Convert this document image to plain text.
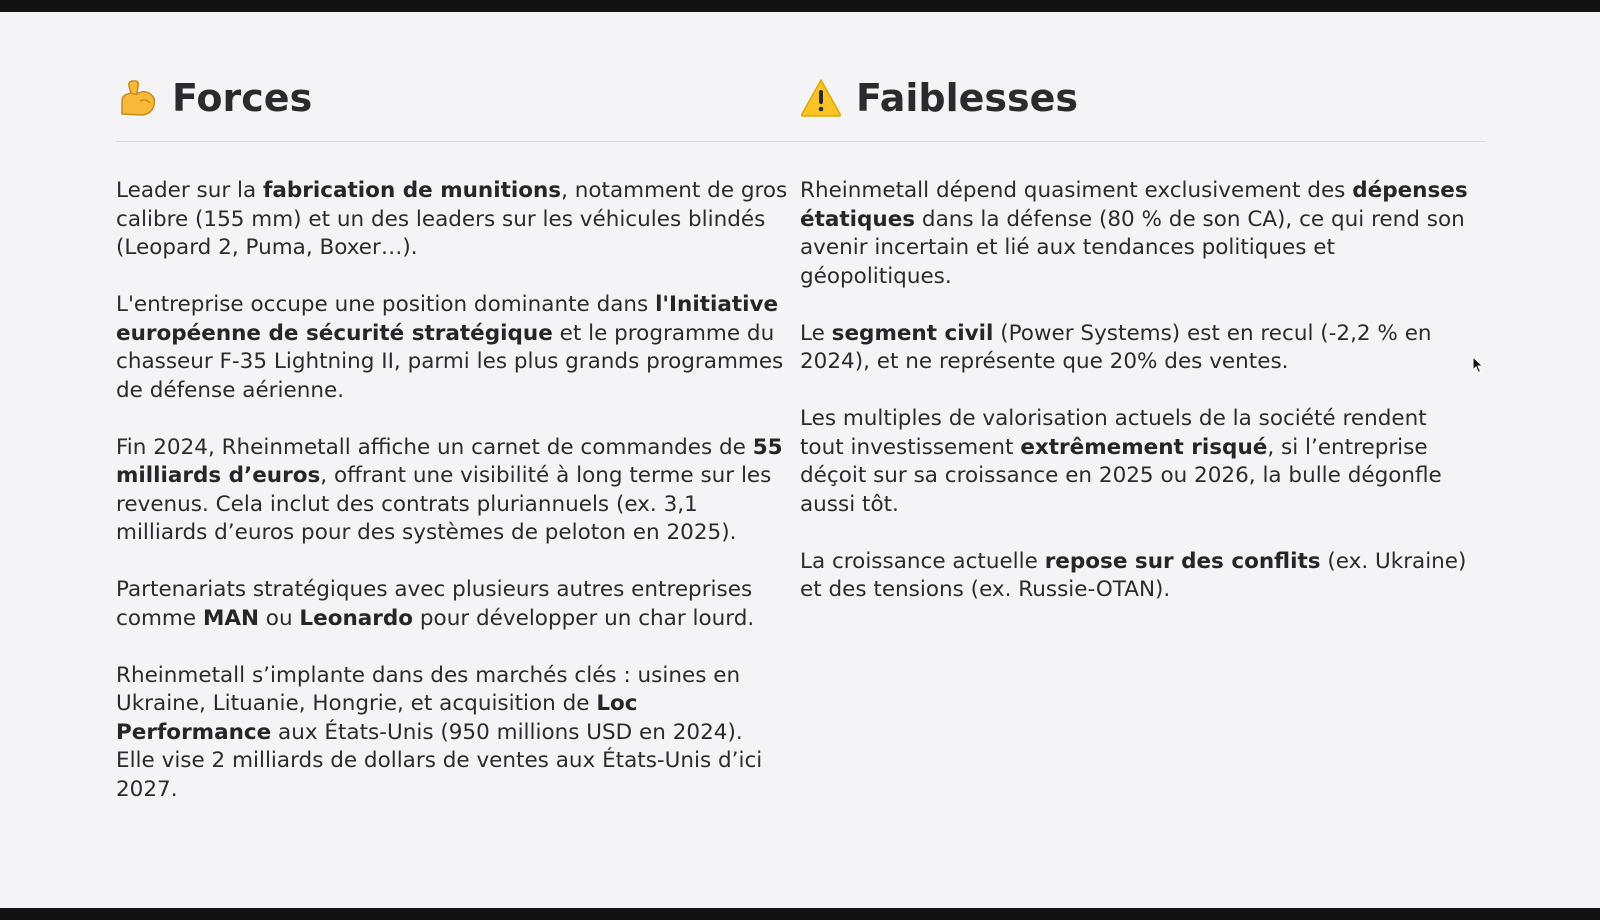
Forces	Faiblesses

Leader sur la fabrication de munitions, notamment de gros calibre (155 mm) et un des leaders sur les véhicules blindés (Leopard 2, Puma, Boxer…).

L'entreprise occupe une position dominante dans l'Initiative européenne de sécurité stratégique et le programme du chasseur F-35 Lightning II, parmi les plus grands programmes de défense aérienne.

Fin 2024, Rheinmetall affiche un carnet de commandes de 55 milliards d’euros, offrant une visibilité à long terme sur les revenus. Cela inclut des contrats pluriannuels (ex. 3,1 milliards d’euros pour des systèmes de peloton en 2025).

Partenariats stratégiques avec plusieurs autres entreprises comme MAN ou Leonardo pour développer un char lourd.

Rheinmetall s’implante dans des marchés clés : usines en Ukraine, Lituanie, Hongrie, et acquisition de Loc Performance aux États-Unis (950 millions USD en 2024). Elle vise 2 milliards de dollars de ventes aux États-Unis d’ici 2027.

Rheinmetall dépend quasiment exclusivement des dépenses étatiques dans la défense (80 % de son CA), ce qui rend son avenir incertain et lié aux tendances politiques et géopolitiques.

Le segment civil (Power Systems) est en recul (-2,2 % en 2024), et ne représente que 20% des ventes.

Les multiples de valorisation actuels de la société rendent tout investissement extrêmement risqué, si l’entreprise déçoit sur sa croissance en 2025 ou 2026, la bulle dégonfle aussi tôt.

La croissance actuelle repose sur des conflits (ex. Ukraine) et des tensions (ex. Russie-OTAN).
